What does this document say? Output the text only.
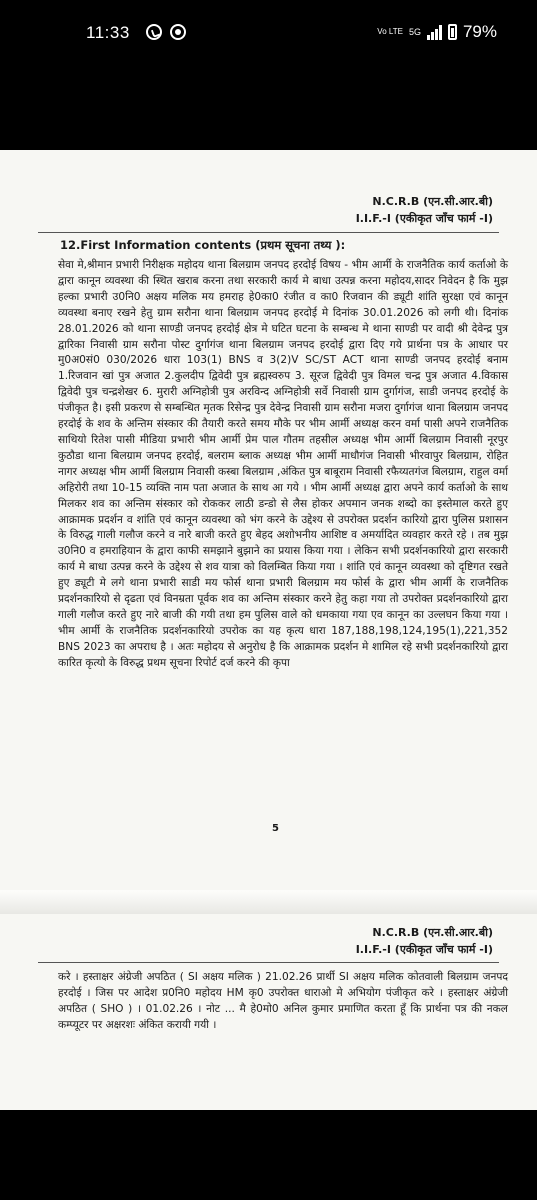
11:33	Vo LTE 5G 79%
N.C.R.B (एन.सी.आर.बी)
I.I.F.-I (एकीकृत जाँच फार्म -I)
12.First Information contents (प्रथम सूचना तथ्य ):
सेवा मे,श्रीमान प्रभारी निरीक्षक महोदय थाना बिलग्राम जनपद हरदोई विषय - भीम आर्मी के राजनैतिक कार्य कर्ताओ के द्वारा कानून व्यवस्था की स्थित खराब करना तथा सरकारी कार्य मे बाधा उत्पन्न करना महोदय,सादर निवेदन है कि मुझ हल्का प्रभारी उ0नि0 अक्षय मलिक मय हमराह हे0का0 रंजीत व का0 रिजवान की ड्यूटी शांति सुरक्षा एवं कानून व्यवस्था बनाए रखने हेतु ग्राम सरौना थाना बिलग्राम जनपद हरदोई मे दिनांक 30.01.2026 को लगी थी। दिनांक 28.01.2026 को थाना साण्डी जनपद हरदोई क्षेत्र मे घटित घटना के सम्बन्ध मे थाना साण्डी पर वादी श्री देवेन्द्र पुत्र द्वारिका निवासी ग्राम सरौना पोस्ट दुर्गागंज थाना बिलग्राम जनपद हरदोई द्वारा दिए गये प्रार्थना पत्र के आधार पर मु0अ0सं0 030/2026 धारा 103(1) BNS व 3(2)V SC/ST ACT थाना साण्डी जनपद हरदोई बनाम 1.रिजवान खां पुत्र अजात 2.कुलदीप द्विवेदी पुत्र ब्रह्मस्वरुप 3. सूरज द्विवेदी पुत्र विमल चन्द्र पुत्र अजात 4.विकास द्विवेदी पुत्र चन्द्रशेखर 6. मुरारी अग्निहोत्री पुत्र अरविन्द अग्निहोत्री सर्वे निवासी ग्राम दुर्गागंज, साडी जनपद हरदोई के पंजीकृत है। इसी प्रकरण से सम्बन्धित मृतक रिसेन्द्र पुत्र देवेन्द्र निवासी ग्राम सरौना मजरा दुर्गागंज थाना बिलग्राम जनपद हरदोई के शव के अन्तिम संस्कार की तैयारी करते समय मौके पर भीम आर्मी अध्यक्ष करन वर्मा पासी अपने राजनैतिक साथियो रितेश पासी मीडिया प्रभारी भीम आर्मी प्रेम पाल गौतम तहसील अध्यक्ष भीम आर्मी बिलग्राम निवासी नूरपुर कुठौडा थाना बिलग्राम जनपद हरदोई, बलराम ब्लाक अध्यक्ष भीम आर्मी माधौगंज निवासी भीरवापुर बिलग्राम, रोहित नागर अध्यक्ष भीम आर्मी बिलग्राम निवासी कस्बा बिलग्राम ,अंकित पुत्र बाबूराम निवासी रफैय्यतगंज बिलग्राम, राहुल वर्मा अहिरोरी तथा 10-15 व्यक्ति नाम पता अजात के साथ आ गये । भीम आर्मी अध्यक्ष द्वारा अपने कार्य कर्ताओ के साथ मिलकर शव का अन्तिम संस्कार को रोककर लाठी डन्डो से लैस होकर अपमान जनक शब्दो का इस्तेमाल करते हुए आक्रामक प्रदर्शन व शांति एवं कानून व्यवस्था को भंग करने के उद्देश्य से उपरोक्त प्रदर्शन कारियो द्वारा पुलिस प्रशासन के विरुद्ध गाली गलौज करने व नारे बाजी करते हुए बेहद अशोभनीय आशिष्ट व अमर्यादित व्यवहार करते रहे । तब मुझ उ0नि0 व हमराहियान के द्वारा काफी समझाने बुझाने का प्रयास किया गया । लेकिन सभी प्रदर्शनकारियो द्वारा सरकारी कार्य मे बाधा उत्पन्न करने के उद्देश्य से शव यात्रा को विलम्बित किया गया । शांति एवं कानून व्यवस्था को दृष्टिगत रखते हुए ड्यूटी मे लगे थाना प्रभारी साडी मय फोर्स थाना प्रभारी बिलग्राम मय फोर्स के द्वारा भीम आर्मी के राजनैतिक प्रदर्शनकारियो से दृढता एवं विनम्रता पूर्वक शव का अन्तिम संस्कार करने हेतु कहा गया तो उपरोक्त प्रदर्शनकारियो द्वारा गाली गलौज करते हुए नारे बाजी की गयी तथा हम पुलिस वाले को धमकाया गया एव कानून का उल्लघन किया गया । भीम आर्मी के राजनैतिक प्रदर्शनकारियो उपरोक का यह कृत्य धारा 187,188,198,124,195(1),221,352 BNS 2023 का अपराध है । अतः महोदय से अनुरोध है कि आक्रामक प्रदर्शन मे शामिल रहे सभी प्रदर्शनकारियो द्वारा कारित कृत्यो के विरुद्ध प्रथम सूचना रिपोर्ट दर्ज करने की कृपा
5
N.C.R.B (एन.सी.आर.बी)
I.I.F.-I (एकीकृत जाँच फार्म -I)
करे । हस्ताक्षर अंग्रेजी अपठित ( SI अक्षय मलिक ) 21.02.26 प्रार्थी SI अक्षय मलिक कोतवाली बिलग्राम जनपद हरदोई । जिस पर आदेश प्र0नि0 महोदय HM कृ0 उपरोक्त धाराओ मे अभियोग पंजीकृत करे । हस्ताक्षर अंग्रेजी अपठित ( SHO ) । 01.02.26 । नोट ... मै हे0मो0 अनिल कुमार प्रमाणित करता हूँ कि प्रार्थना पत्र की नकल कम्प्यूटर पर अक्षरशः अंकित करायी गयी ।
